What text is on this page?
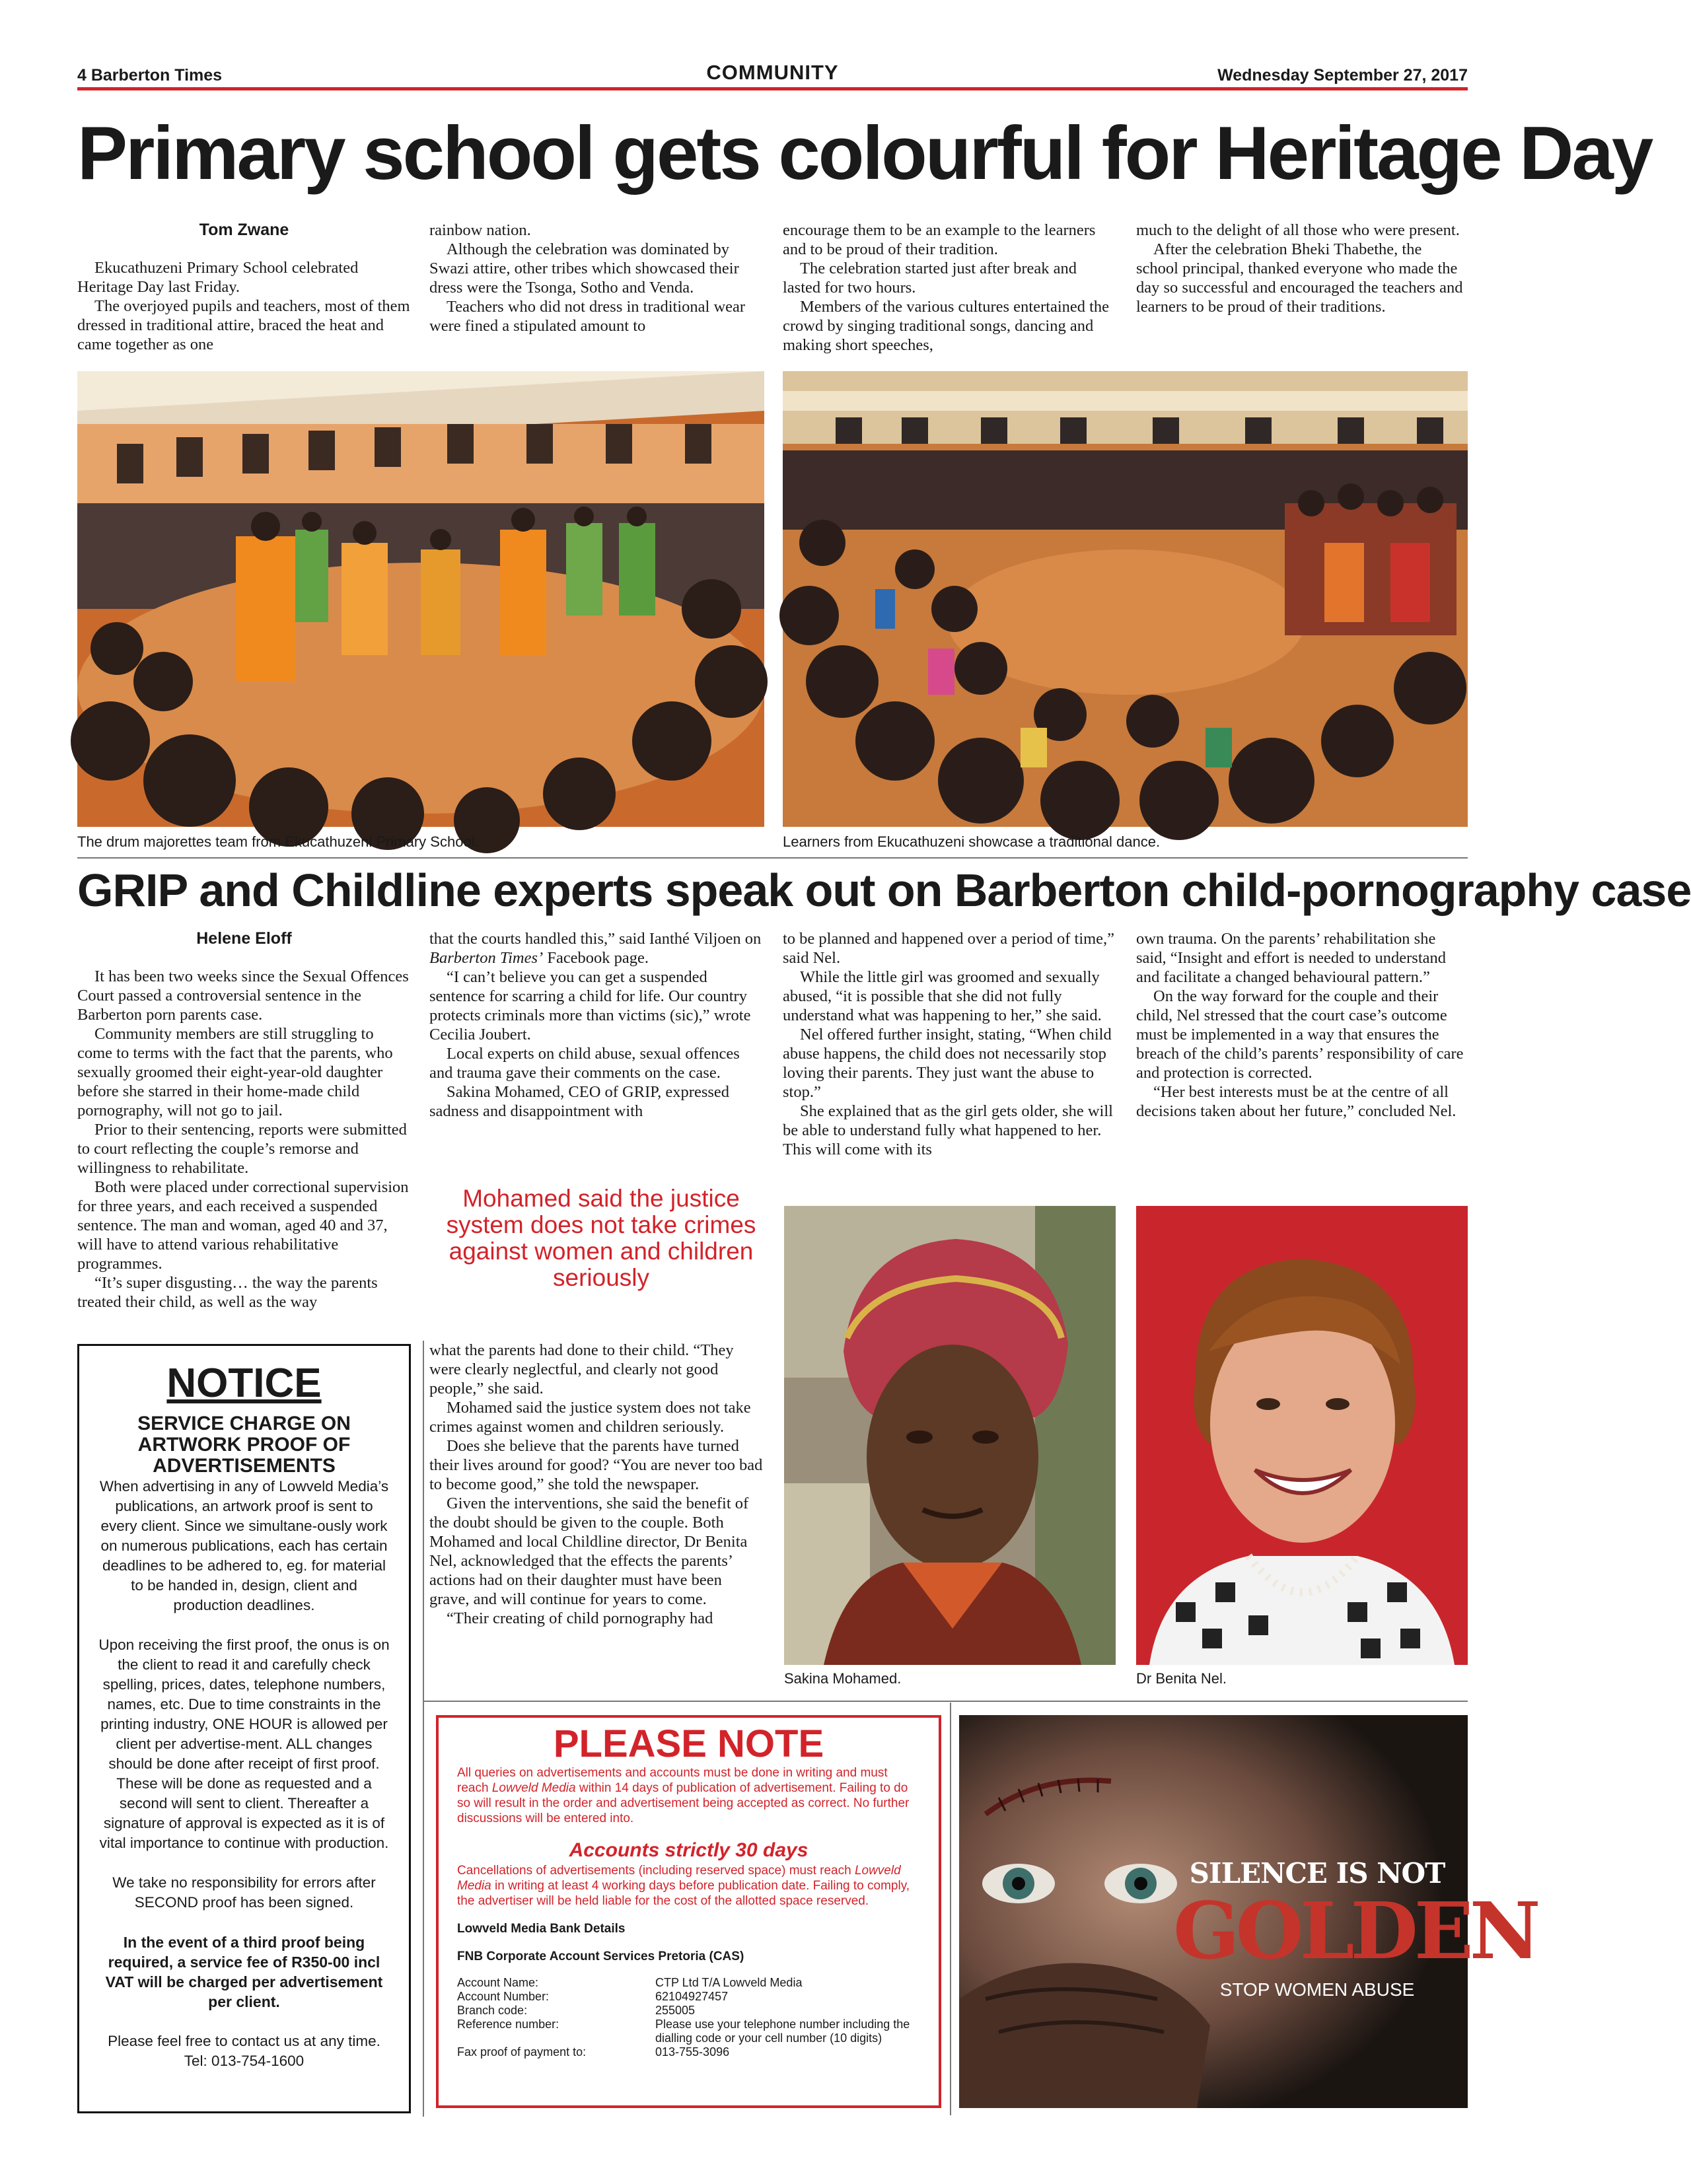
4 Barberton Times	COMMUNITY	Wednesday September 27, 2017
Primary school gets colourful for Heritage Day

Tom Zwane

Ekucathuzeni Primary School celebrated Heritage Day last Friday.

The overjoyed pupils and teachers, most of them dressed in traditional attire, braced the heat and came together as one

rainbow nation.

Although the celebration was dominated by Swazi attire, other tribes which showcased their dress were the Tsonga, Sotho and Venda.

Teachers who did not dress in traditional wear were fined a stipulated amount to

encourage them to be an example to the learners and to be proud of their tradition.

The celebration started just after break and lasted for two hours.

Members of the various cultures entertained the crowd by singing traditional songs, dancing and making short speeches,

much to the delight of all those who were present.

After the celebration Bheki Thabethe, the school principal, thanked everyone who made the day so successful and encouraged the teachers and learners to be proud of their traditions.

The drum majorettes team from Ekucathuzeni Primary School.	Learners from Ekucathuzeni showcase a traditional dance.
GRIP and Childline experts speak out on Barberton child-pornography case

Helene Eloff

It has been two weeks since the Sexual Offences Court passed a controversial sentence in the Barberton porn parents case.

Community members are still struggling to come to terms with the fact that the parents, who sexually groomed their eight-year-old daughter before she starred in their home-made child pornography, will not go to jail.

Prior to their sentencing, reports were submitted to court reflecting the couple’s remorse and willingness to rehabilitate.

Both were placed under correctional supervision for three years, and each received a suspended sentence. The man and woman, aged 40 and 37, will have to attend various rehabilitative programmes.

“It’s super disgusting… the way the parents treated their child, as well as the way

that the courts handled this,” said Ianthé Viljoen on Barberton Times’ Facebook page.

“I can’t believe you can get a suspended sentence for scarring a child for life. Our country protects criminals more than victims (sic),” wrote Cecilia Joubert.

Local experts on child abuse, sexual offences and trauma gave their comments on the case.

Sakina Mohamed, CEO of GRIP, expressed sadness and disappointment with

Mohamed said the justice system does not take crimes against women and children seriously

what the parents had done to their child. “They were clearly neglectful, and clearly not good people,” she said.

Mohamed said the justice system does not take crimes against women and children seriously.

Does she believe that the parents have turned their lives around for good? “You are never too bad to become good,” she told the newspaper.

Given the interventions, she said the benefit of the doubt should be given to the couple. Both Mohamed and local Childline director, Dr Benita Nel, acknowledged that the effects the parents’ actions had on their daughter must have been grave, and will continue for years to come.

“Their creating of child pornography had

to be planned and happened over a period of time,” said Nel.

While the little girl was groomed and sexually abused, “it is possible that she did not fully understand what was happening to her,” she said.

Nel offered further insight, stating, “When child abuse happens, the child does not necessarily stop loving their parents. They just want the abuse to stop.”

She explained that as the girl gets older, she will be able to understand fully what happened to her. This will come with its

own trauma. On the parents’ rehabilitation she said, “Insight and effort is needed to understand and facilitate a changed behavioural pattern.”

On the way forward for the couple and their child, Nel stressed that the court case’s outcome must be implemented in a way that ensures the breach of the child’s parents’ responsibility of care and protection is corrected.

“Her best interests must be at the centre of all decisions taken about her future,” concluded Nel.

Sakina Mohamed.	Dr Benita Nel.
NOTICE
SERVICE CHARGE ON ARTWORK PROOF OF ADVERTISEMENTS
When advertising in any of Lowveld Media’s publications, an artwork proof is sent to every client. Since we simultane-ously work on numerous publications, each has certain deadlines to be adhered to, eg. for material to be handed in, design, client and production deadlines.
Upon receiving the first proof, the onus is on the client to read it and carefully check spelling, prices, dates, telephone numbers, names, etc. Due to time constraints in the printing industry, ONE HOUR is allowed per client per advertise-ment. ALL changes should be done after receipt of first proof. These will be done as requested and a second will sent to client. Thereafter a signature of approval is expected as it is of vital importance to continue with production.
We take no responsibility for errors after SECOND proof has been signed.
In the event of a third proof being required, a service fee of R350-00 incl VAT will be charged per advertisement per client.
Please feel free to contact us at any time. Tel: 013-754-1600
PLEASE NOTE
All queries on advertisements and accounts must be done in writing and must reach Lowveld Media within 14 days of publication of advertisement. Failing to do so will result in the order and advertisement being accepted as correct. No further discussions will be entered into.
Accounts strictly 30 days
Cancellations of advertisements (including reserved space) must reach Lowveld Media in writing at least 4 working days before publication date. Failing to comply, the advertiser will be held liable for the cost of the allotted space reserved.
Lowveld Media Bank Details
FNB Corporate Account Services Pretoria (CAS)
Account Name:	CTP Ltd T/A Lowveld Media
Account Number:	62104927457
Branch code:	255005
Reference number:	Please use your telephone number including the dialling code or your cell number (10 digits)
Fax proof of payment to:	013-755-3096
SILENCE IS NOT
GOLDEN
STOP WOMEN ABUSE
